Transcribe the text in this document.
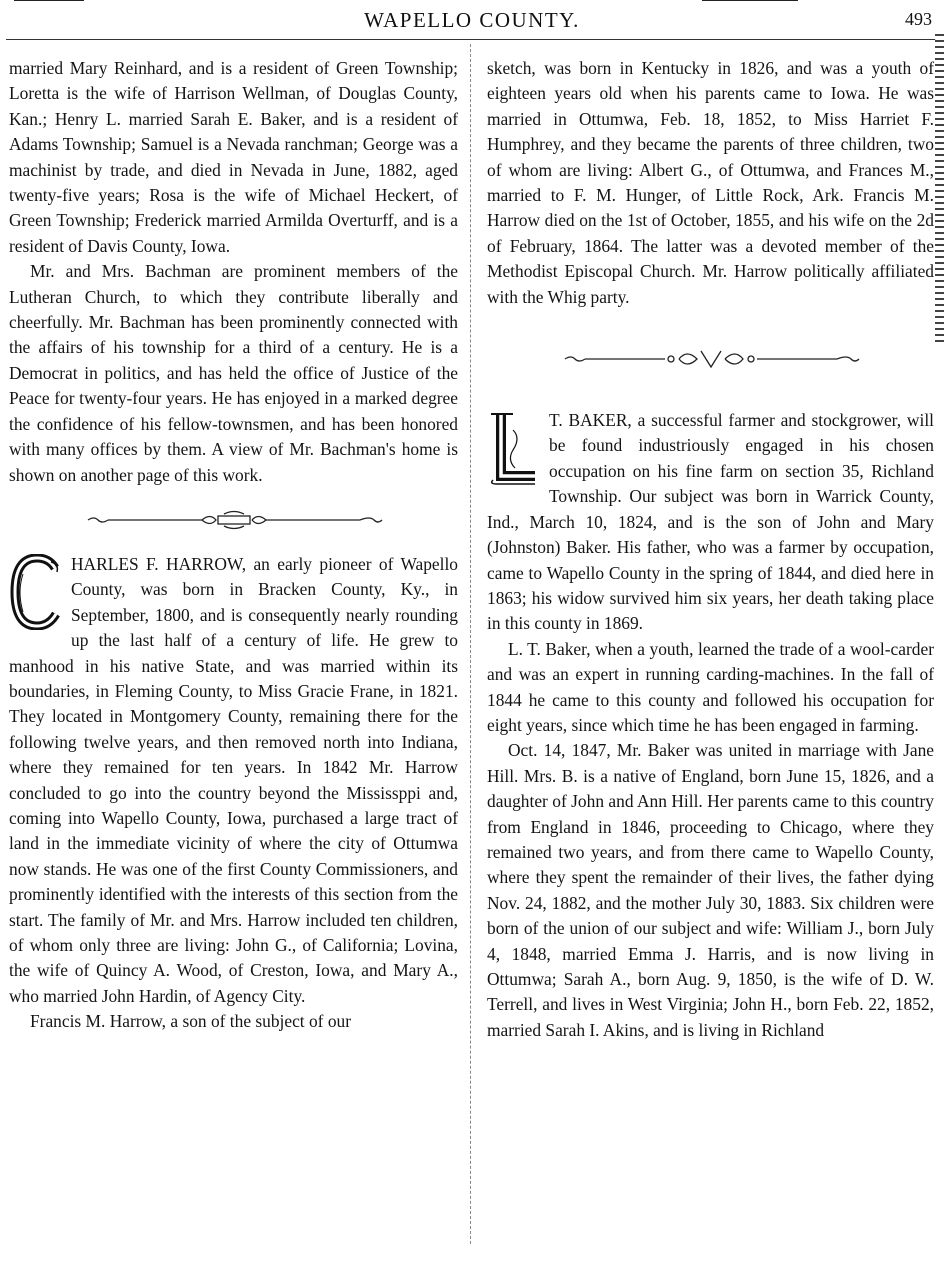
WAPELLO COUNTY.	493

married Mary Reinhard, and is a resident of Green Township; Loretta is the wife of Harrison Wellman, of Douglas County, Kan.; Henry L. married Sarah E. Baker, and is a resident of Adams Township; Samuel is a Nevada ranchman; George was a machinist by trade, and died in Nevada in June, 1882, aged twenty-five years; Rosa is the wife of Michael Heckert, of Green Township; Frederick married Armilda Overturff, and is a resident of Davis County, Iowa.

Mr. and Mrs. Bachman are prominent members of the Lutheran Church, to which they contribute liberally and cheerfully. Mr. Bachman has been prominently connected with the affairs of his township for a third of a century. He is a Democrat in politics, and has held the office of Justice of the Peace for twenty-four years. He has enjoyed in a marked degree the confidence of his fellow-townsmen, and has been honored with many offices by them. A view of Mr. Bachman's home is shown on another page of this work.

HARLES F. HARROW, an early pioneer of Wapello County, was born in Bracken County, Ky., in September, 1800, and is consequently nearly rounding up the last half of a century of life. He grew to manhood in his native State, and was married within its boundaries, in Fleming County, to Miss Gracie Frane, in 1821. They located in Montgomery County, remaining there for the following twelve years, and then removed north into Indiana, where they remained for ten years. In 1842 Mr. Harrow concluded to go into the country beyond the Mississppi and, coming into Wapello County, Iowa, purchased a large tract of land in the immediate vicinity of where the city of Ottumwa now stands. He was one of the first County Commissioners, and prominently identified with the interests of this section from the start. The family of Mr. and Mrs. Harrow included ten children, of whom only three are living: John G., of California; Lovina, the wife of Quincy A. Wood, of Creston, Iowa, and Mary A., who married John Hardin, of Agency City.

Francis M. Harrow, a son of the subject of our

sketch, was born in Kentucky in 1826, and was a youth of eighteen years old when his parents came to Iowa. He was married in Ottumwa, Feb. 18, 1852, to Miss Harriet F. Humphrey, and they became the parents of three children, two of whom are living: Albert G., of Ottumwa, and Frances M., married to F. M. Hunger, of Little Rock, Ark. Francis M. Harrow died on the 1st of October, 1855, and his wife on the 2d of February, 1864. The latter was a devoted member of the Methodist Episcopal Church. Mr. Harrow politically affiliated with the Whig party.

T. BAKER, a successful farmer and stockgrower, will be found industriously engaged in his chosen occupation on his fine farm on section 35, Richland Township. Our subject was born in Warrick County, Ind., March 10, 1824, and is the son of John and Mary (Johnston) Baker. His father, who was a farmer by occupation, came to Wapello County in the spring of 1844, and died here in 1863; his widow survived him six years, her death taking place in this county in 1869.

L. T. Baker, when a youth, learned the trade of a wool-carder and was an expert in running carding-machines. In the fall of 1844 he came to this county and followed his occupation for eight years, since which time he has been engaged in farming.

Oct. 14, 1847, Mr. Baker was united in marriage with Jane Hill. Mrs. B. is a native of England, born June 15, 1826, and a daughter of John and Ann Hill. Her parents came to this country from England in 1846, proceeding to Chicago, where they remained two years, and from there came to Wapello County, where they spent the remainder of their lives, the father dying Nov. 24, 1882, and the mother July 30, 1883. Six children were born of the union of our subject and wife: William J., born July 4, 1848, married Emma J. Harris, and is now living in Ottumwa; Sarah A., born Aug. 9, 1850, is the wife of D. W. Terrell, and lives in West Virginia; John H., born Feb. 22, 1852, married Sarah I. Akins, and is living in Richland
